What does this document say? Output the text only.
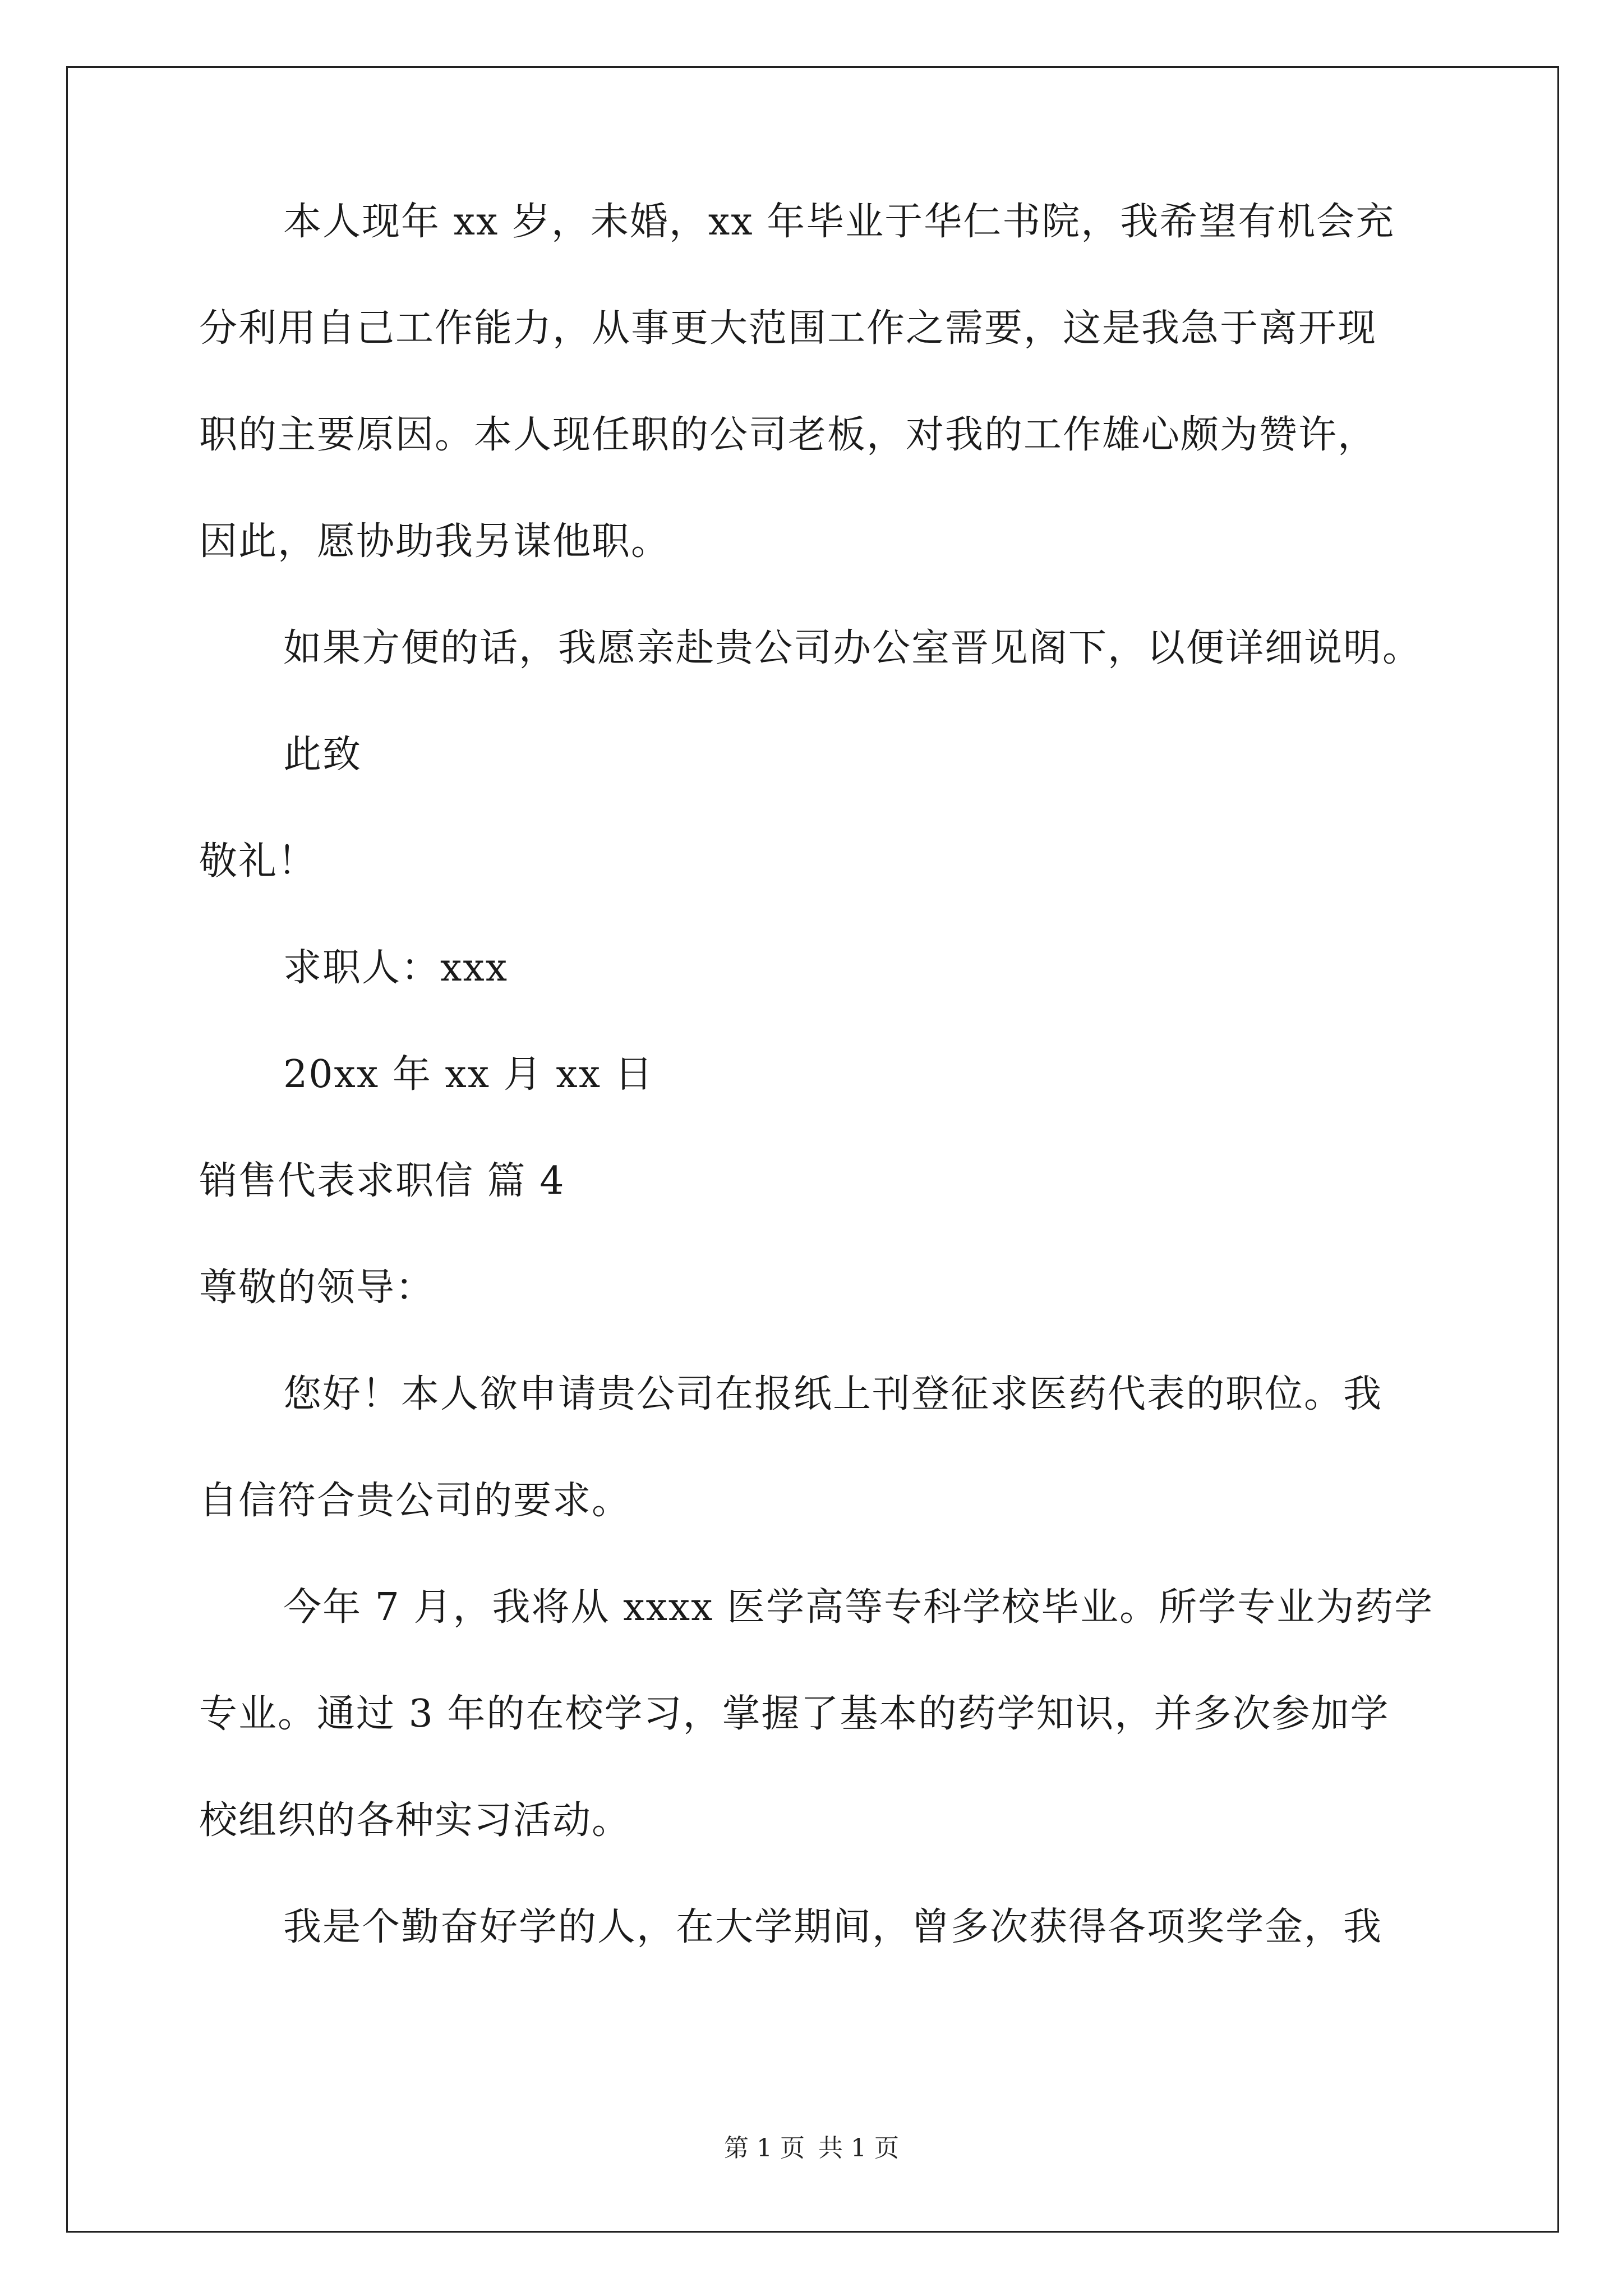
本人现年 xx 岁，未婚，xx 年毕业于华仁书院，我希望有机会充
分利用自己工作能力，从事更大范围工作之需要，这是我急于离开现
职的主要原因。本人现任职的公司老板，对我的工作雄心颇为赞许，
因此，愿协助我另谋他职。
如果方便的话，我愿亲赴贵公司办公室晋见阁下，以便详细说明。
此致
敬礼！
求职人：xxx
20xx 年 xx 月 xx 日
销售代表求职信 篇 4
尊敬的领导：
您好！本人欲申请贵公司在报纸上刊登征求医药代表的职位。我
自信符合贵公司的要求。
今年 7 月，我将从 xxxx 医学高等专科学校毕业。所学专业为药学
专业。通过 3 年的在校学习，掌握了基本的药学知识，并多次参加学
校组织的各种实习活动。
我是个勤奋好学的人，在大学期间，曾多次获得各项奖学金，我
第 1 页 共 1 页
